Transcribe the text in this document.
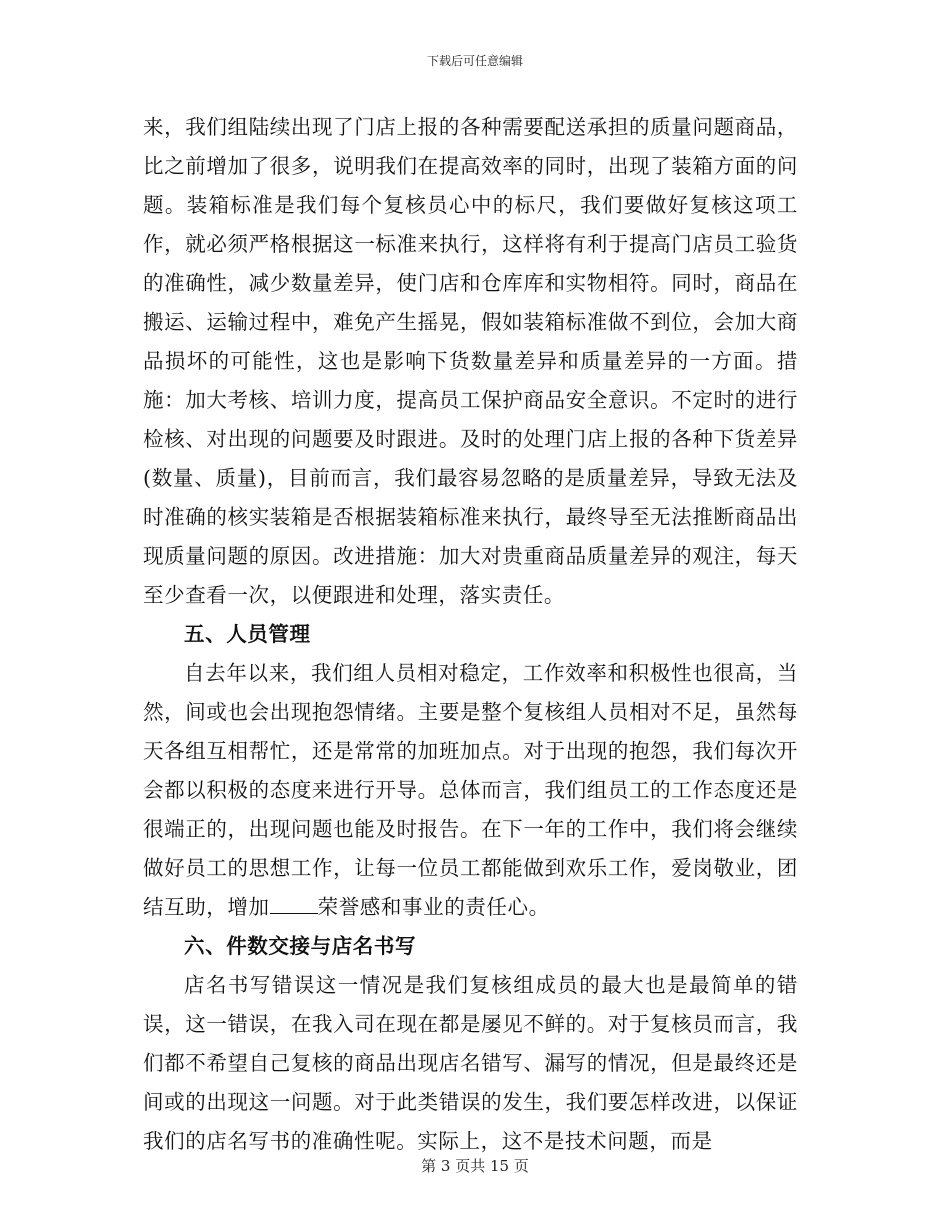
下载后可任意编辑

来，我们组陆续出现了门店上报的各种需要配送承担的质量问题商品，比之前增加了很多，说明我们在提高效率的同时，出现了装箱方面的问题。装箱标准是我们每个复核员心中的标尺，我们要做好复核这项工作，就必须严格根据这一标准来执行，这样将有利于提高门店员工验货的准确性，减少数量差异，使门店和仓库库和实物相符。同时，商品在搬运、运输过程中，难免产生摇晃，假如装箱标准做不到位，会加大商品损坏的可能性，这也是影响下货数量差异和质量差异的一方面。措施：加大考核、培训力度，提高员工保护商品安全意识。不定时的进行检核、对出现的问题要及时跟进。及时的处理门店上报的各种下货差异(数量、质量)，目前而言，我们最容易忽略的是质量差异，导致无法及时准确的核实装箱是否根据装箱标准来执行，最终导至无法推断商品出现质量问题的原因。改进措施：加大对贵重商品质量差异的观注，每天至少查看一次，以便跟进和处理，落实责任。

五、人员管理

自去年以来，我们组人员相对稳定，工作效率和积极性也很高，当然，间或也会出现抱怨情绪。主要是整个复核组人员相对不足，虽然每天各组互相帮忙，还是常常的加班加点。对于出现的抱怨，我们每次开会都以积极的态度来进行开导。总体而言，我们组员工的工作态度还是很端正的，出现问题也能及时报告。在下一年的工作中，我们将会继续做好员工的思想工作，让每一位员工都能做到欢乐工作，爱岗敬业，团结互助，增加 荣誉感和事业的责任心。

六、件数交接与店名书写

店名书写错误这一情况是我们复核组成员的最大也是最简单的错误，这一错误，在我入司在现在都是屡见不鲜的。对于复核员而言，我们都不希望自己复核的商品出现店名错写、漏写的情况，但是最终还是间或的出现这一问题。对于此类错误的发生，我们要怎样改进，以保证我们的店名写书的准确性呢。实际上，这不是技术问题，而是

第 3 页共 15 页
